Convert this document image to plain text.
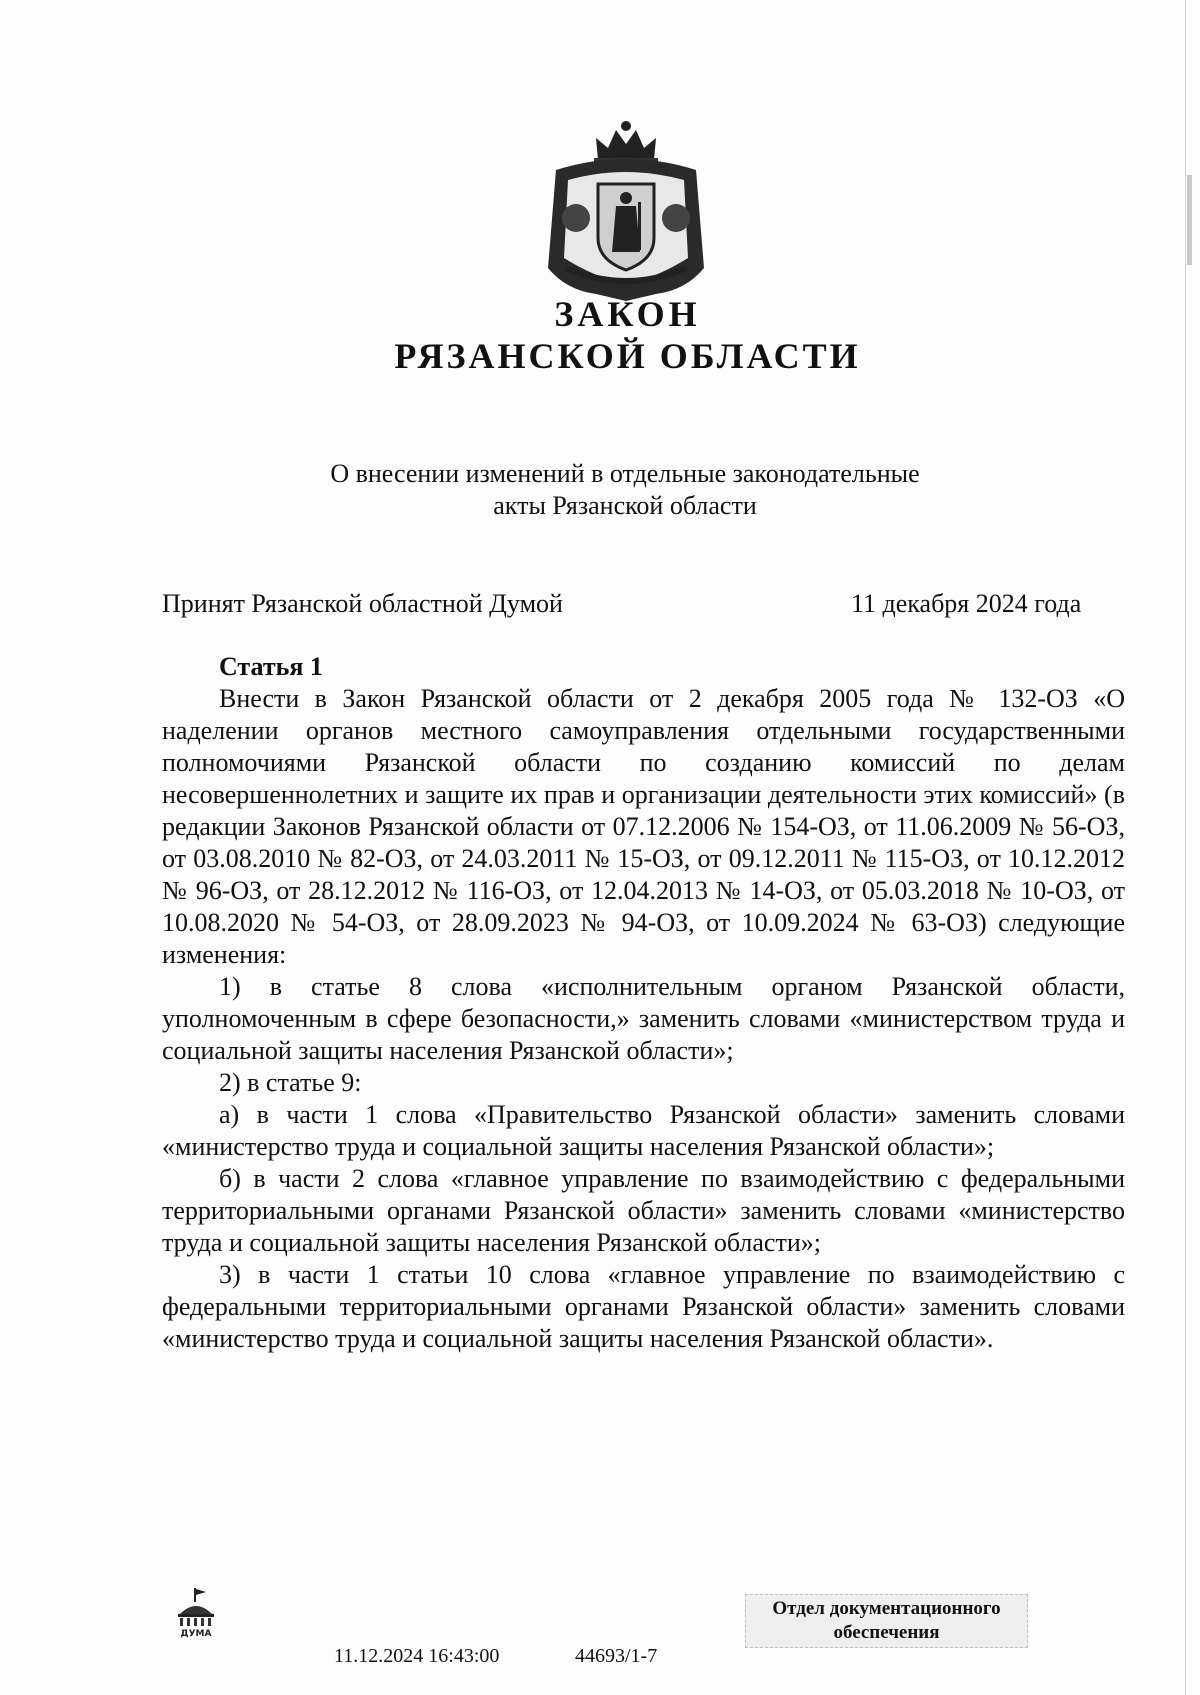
ЗАКОН
РЯЗАНСКОЙ ОБЛАСТИ
О внесении изменений в отдельные законодательные
акты Рязанской области
Принят Рязанской областной Думой	11 декабря 2024 года
Статья 1

Внести в Закон Рязанской области от 2 декабря 2005 года № 132-ОЗ «О наделении органов местного самоуправления отдельными государственными полномочиями Рязанской области по созданию комиссий по делам несовершеннолетних и защите их прав и организации деятельности этих комиссий» (в редакции Законов Рязанской области от 07.12.2006 № 154-ОЗ, от 11.06.2009 № 56-ОЗ, от 03.08.2010 № 82-ОЗ, от 24.03.2011 № 15-ОЗ, от 09.12.2011 № 115-ОЗ, от 10.12.2012 № 96-ОЗ, от 28.12.2012 № 116-ОЗ, от 12.04.2013 № 14-ОЗ, от 05.03.2018 № 10-ОЗ, от 10.08.2020 № 54-ОЗ, от 28.09.2023 № 94-ОЗ, от 10.09.2024 № 63-ОЗ) следующие изменения:

1) в статье 8 слова «исполнительным органом Рязанской области, уполномоченным в сфере безопасности,» заменить словами «министерством труда и социальной защиты населения Рязанской области»;

2) в статье 9:

а) в части 1 слова «Правительство Рязанской области» заменить словами «министерство труда и социальной защиты населения Рязанской области»;

б) в части 2 слова «главное управление по взаимодействию с федеральными территориальными органами Рязанской области» заменить словами «министерство труда и социальной защиты населения Рязанской области»;

3) в части 1 статьи 10 слова «главное управление по взаимодействию с федеральными территориальными органами Рязанской области» заменить словами «министерство труда и социальной защиты населения Рязанской области».

ДУМА
11.12.2024 16:43:00	44693/1-7
Отдел документационного
обеспечения
